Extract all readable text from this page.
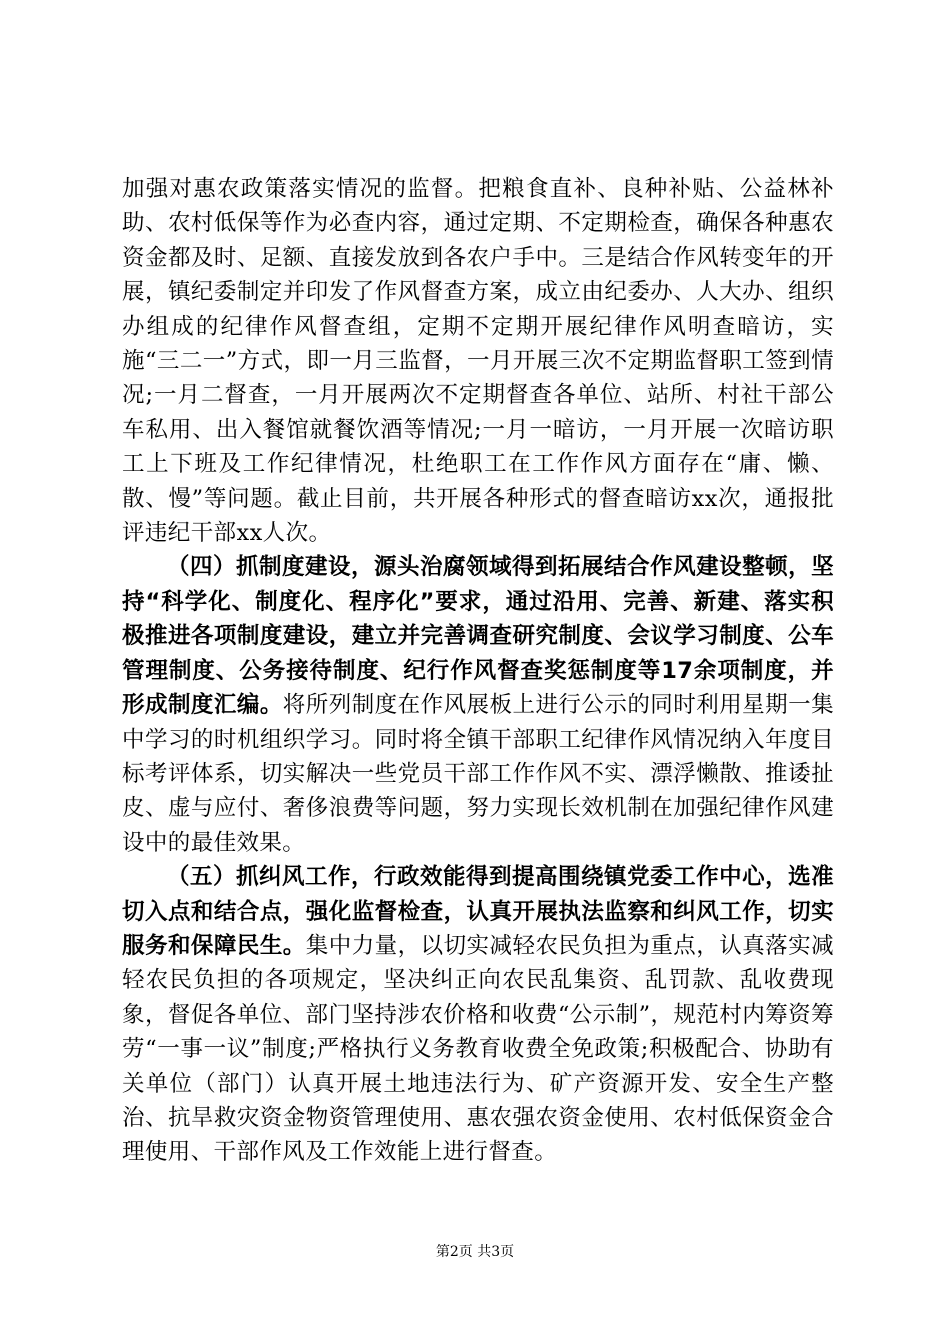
加强对惠农政策落实情况的监督。把粮食直补、良种补贴、公益林补助、农村低保等作为必查内容，通过定期、不定期检查，确保各种惠农资金都及时、足额、直接发放到各农户手中。三是结合作风转变年的开展，镇纪委制定并印发了作风督查方案，成立由纪委办、人大办、组织办组成的纪律作风督查组，定期不定期开展纪律作风明查暗访，实施“三二一”方式，即一月三监督，一月开展三次不定期监督职工签到情况;一月二督查，一月开展两次不定期督查各单位、站所、村社干部公车私用、出入餐馆就餐饮酒等情况;一月一暗访，一月开展一次暗访职工上下班及工作纪律情况，杜绝职工在工作作风方面存在“庸、懒、散、慢”等问题。截止目前，共开展各种形式的督查暗访xx次，通报批评违纪干部xx人次。

（四）抓制度建设，源头治腐领域得到拓展结合作风建设整顿，坚持“科学化、制度化、程序化”要求，通过沿用、完善、新建、落实积极推进各项制度建设，建立并完善调查研究制度、会议学习制度、公车管理制度、公务接待制度、纪行作风督查奖惩制度等17余项制度，并形成制度汇编。将所列制度在作风展板上进行公示的同时利用星期一集中学习的时机组织学习。同时将全镇干部职工纪律作风情况纳入年度目标考评体系，切实解决一些党员干部工作作风不实、漂浮懒散、推诿扯皮、虚与应付、奢侈浪费等问题，努力实现长效机制在加强纪律作风建设中的最佳效果。

（五）抓纠风工作，行政效能得到提高围绕镇党委工作中心，选准切入点和结合点，强化监督检查，认真开展执法监察和纠风工作，切实服务和保障民生。集中力量，以切实减轻农民负担为重点，认真落实减轻农民负担的各项规定，坚决纠正向农民乱集资、乱罚款、乱收费现象，督促各单位、部门坚持涉农价格和收费“公示制”，规范村内筹资筹劳“一事一议”制度;严格执行义务教育收费全免政策;积极配合、协助有关单位（部门）认真开展土地违法行为、矿产资源开发、安全生产整治、抗旱救灾资金物资管理使用、惠农强农资金使用、农村低保资金合理使用、干部作风及工作效能上进行督查。

第2页 共3页
